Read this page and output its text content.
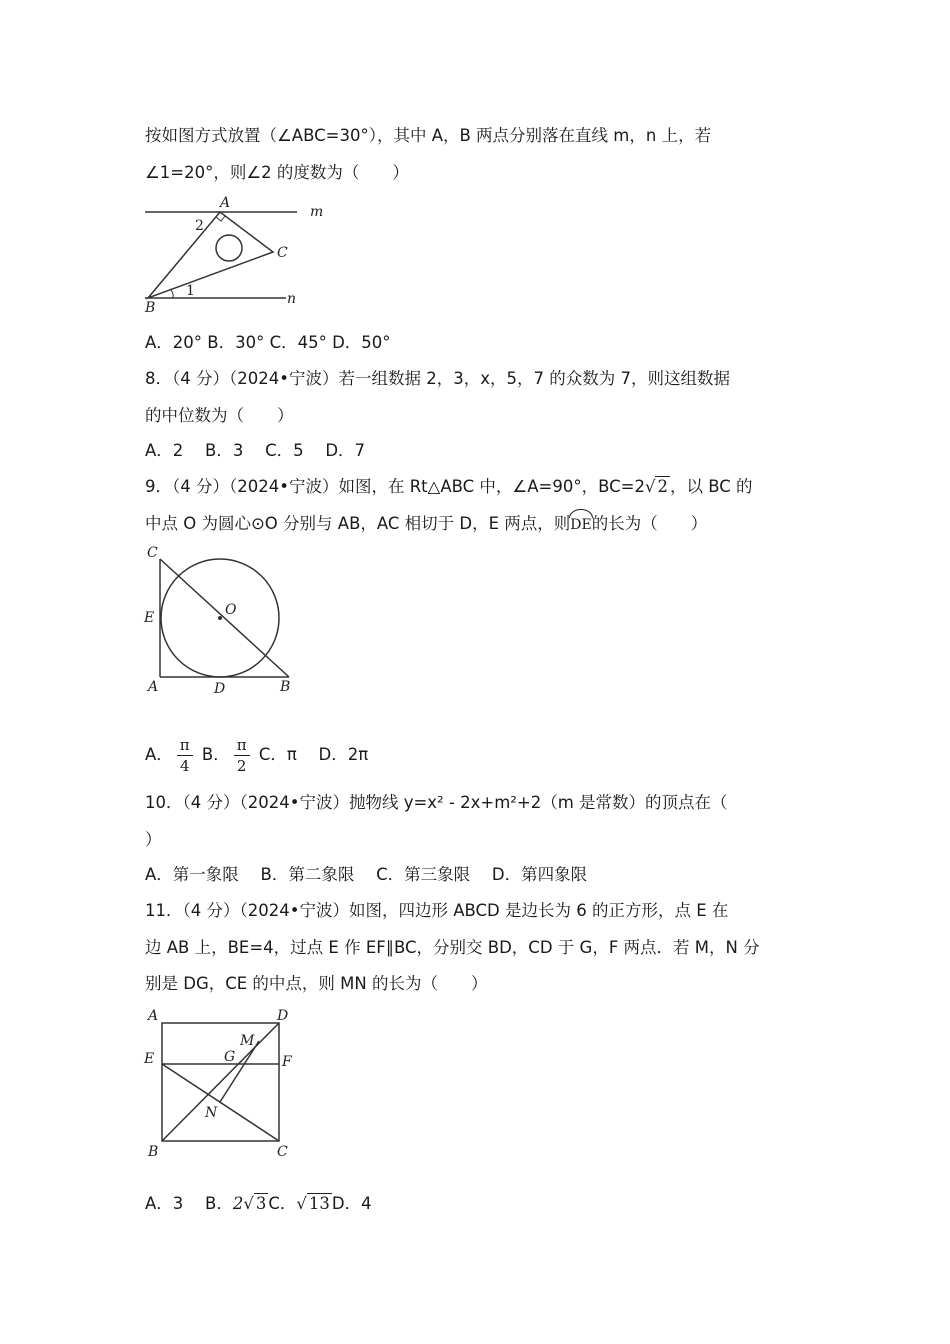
按如图方式放置（∠ABC=30°），其中 A，B 两点分别落在直线 m，n 上，若
∠1=20°，则∠2 的度数为（　　）
A
B
C
m
n
1
2
A．20° B．30° C．45° D．50°
8．（4 分）（2024•宁波）若一组数据 2，3，x，5，7 的众数为 7，则这组数据
的中位数为（　　）
A．2　 B．3　 C．5　 D．7
9．（4 分）（2024•宁波）如图，在 Rt△ABC 中，∠A=90°，BC=2√ 2 ，以 BC 的
中点 O 为圆心⊙O 分别与 AB，AC 相切于 D，E 两点，则DE的长为（　　）
C
E
A	D	B
O
A． $\frac{\pi}{4}$ B． $\frac{\pi}{2}$ C．π　 D．2π
10．（4 分）（2024•宁波）抛物线 y=x² ‑ 2x+m²+2（m 是常数）的顶点在（
）
A．第一象限　 B．第二象限　 C．第三象限　 D．第四象限
11．（4 分）（2024•宁波）如图，四边形 ABCD 是边长为 6 的正方形，点 E 在
边 AB 上，BE=4，过点 E 作 EF∥BC，分别交 BD，CD 于 G，F 两点．若 M，N 分
别是 DG，CE 的中点，则 MN 的长为（　　）
A	D
E	F
G
M
N
B	C
A．3　 B．2√ 3 C．√ 13 D．4
